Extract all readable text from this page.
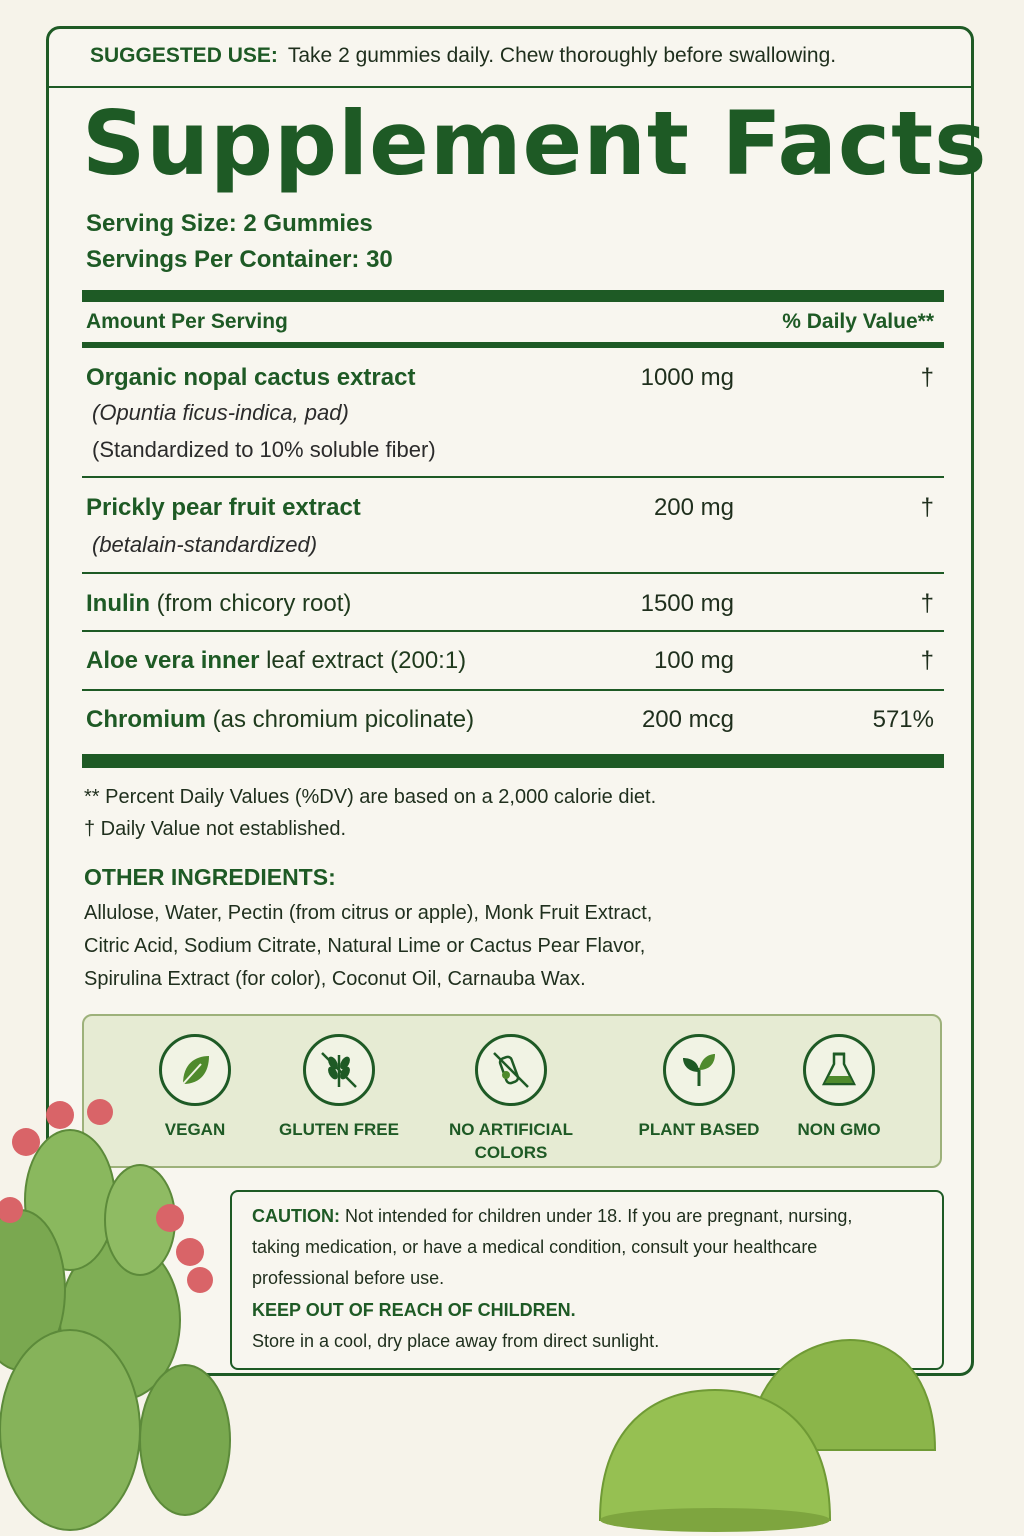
SUGGESTED USE: Take 2 gummies daily. Chew thoroughly before swallowing.
Supplement Facts
Serving Size: 2 Gummies
Servings Per Container: 30
Amount Per Serving	% Daily Value**
Organic nopal cactus extract
(Opuntia ficus-indica, pad)
(Standardized to 10% soluble fiber)
1000 mg	†
Prickly pear fruit extract
(betalain-standardized)
200 mg	†
Inulin (from chicory root)	1500 mg	†
Aloe vera inner leaf extract (200:1)	100 mg	†
Chromium (as chromium picolinate)	200 mcg	571%
** Percent Daily Values (%DV) are based on a 2,000 calorie diet.
† Daily Value not established.
OTHER INGREDIENTS:
Allulose, Water, Pectin (from citrus or apple), Monk Fruit Extract,
Citric Acid, Sodium Citrate, Natural Lime or Cactus Pear Flavor,
Spirulina Extract (for color), Coconut Oil, Carnauba Wax.
VEGAN	GLUTEN FREE	NO ARTIFICIAL
COLORS
PLANT BASED	NON GMO
CAUTION: Not intended for children under 18. If you are pregnant, nursing,
taking medication, or have a medical condition, consult your healthcare
professional before use.
KEEP OUT OF REACH OF CHILDREN.
Store in a cool, dry place away from direct sunlight.
